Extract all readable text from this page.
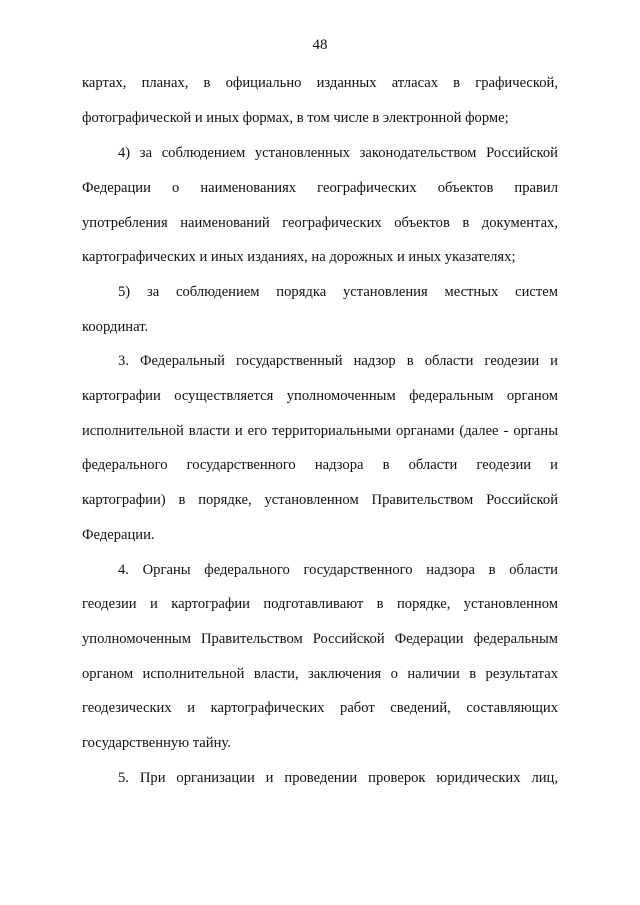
48
картах, планах, в официально изданных атласах в графической,
фотографической и иных формах, в том числе в электронной форме;
4) за соблюдением установленных законодательством Российской
Федерации о наименованиях географических объектов правил
употребления наименований географических объектов в документах,
картографических и иных изданиях, на дорожных и иных указателях;
5) за соблюдением порядка установления местных систем
координат.
3. Федеральный государственный надзор в области геодезии и
картографии осуществляется уполномоченным федеральным органом
исполнительной власти и его территориальными органами (далее - органы
федерального государственного надзора в области геодезии и
картографии) в порядке, установленном Правительством Российской
Федерации.
4. Органы федерального государственного надзора в области
геодезии и картографии подготавливают в порядке, установленном
уполномоченным Правительством Российской Федерации федеральным
органом исполнительной власти, заключения о наличии в результатах
геодезических и картографических работ сведений, составляющих
государственную тайну.
5. При организации и проведении проверок юридических лиц,
